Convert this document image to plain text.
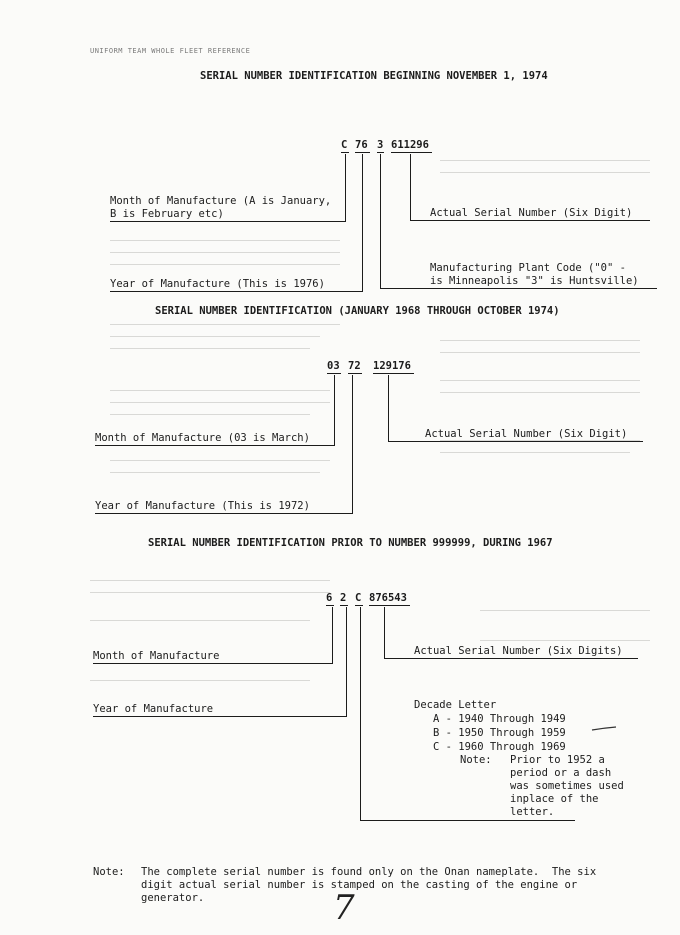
UNIFORM TEAM WHOLE FLEET REFERENCE
SERIAL NUMBER IDENTIFICATION BEGINNING NOVEMBER 1, 1974
C 76 3 611296
Month of Manufacture (A is January,
B is February etc)	Actual Serial Number (Six Digit)
Manufacturing Plant Code ("0" -
is Minneapolis "3" is Huntsville)
Year of Manufacture (This is 1976)
SERIAL NUMBER IDENTIFICATION (JANUARY 1968 THROUGH OCTOBER 1974)
03 72 129176
Month of Manufacture (03 is March)	Actual Serial Number (Six Digit)
Year of Manufacture (This is 1972)
SERIAL NUMBER IDENTIFICATION PRIOR TO NUMBER 999999, DURING 1967
6 2 C 876543
Month of Manufacture	Actual Serial Number (Six Digits)
Year of Manufacture	Decade Letter
A - 1940 Through 1949
B - 1950 Through 1959
C - 1960 Through 1969
Note: Prior to 1952 a
period or a dash
was sometimes used
inplace of the
letter.
Note: The complete serial number is found only on the Onan nameplate.  The six
digit actual serial number is stamped on the casting of the engine or
generator.	7
